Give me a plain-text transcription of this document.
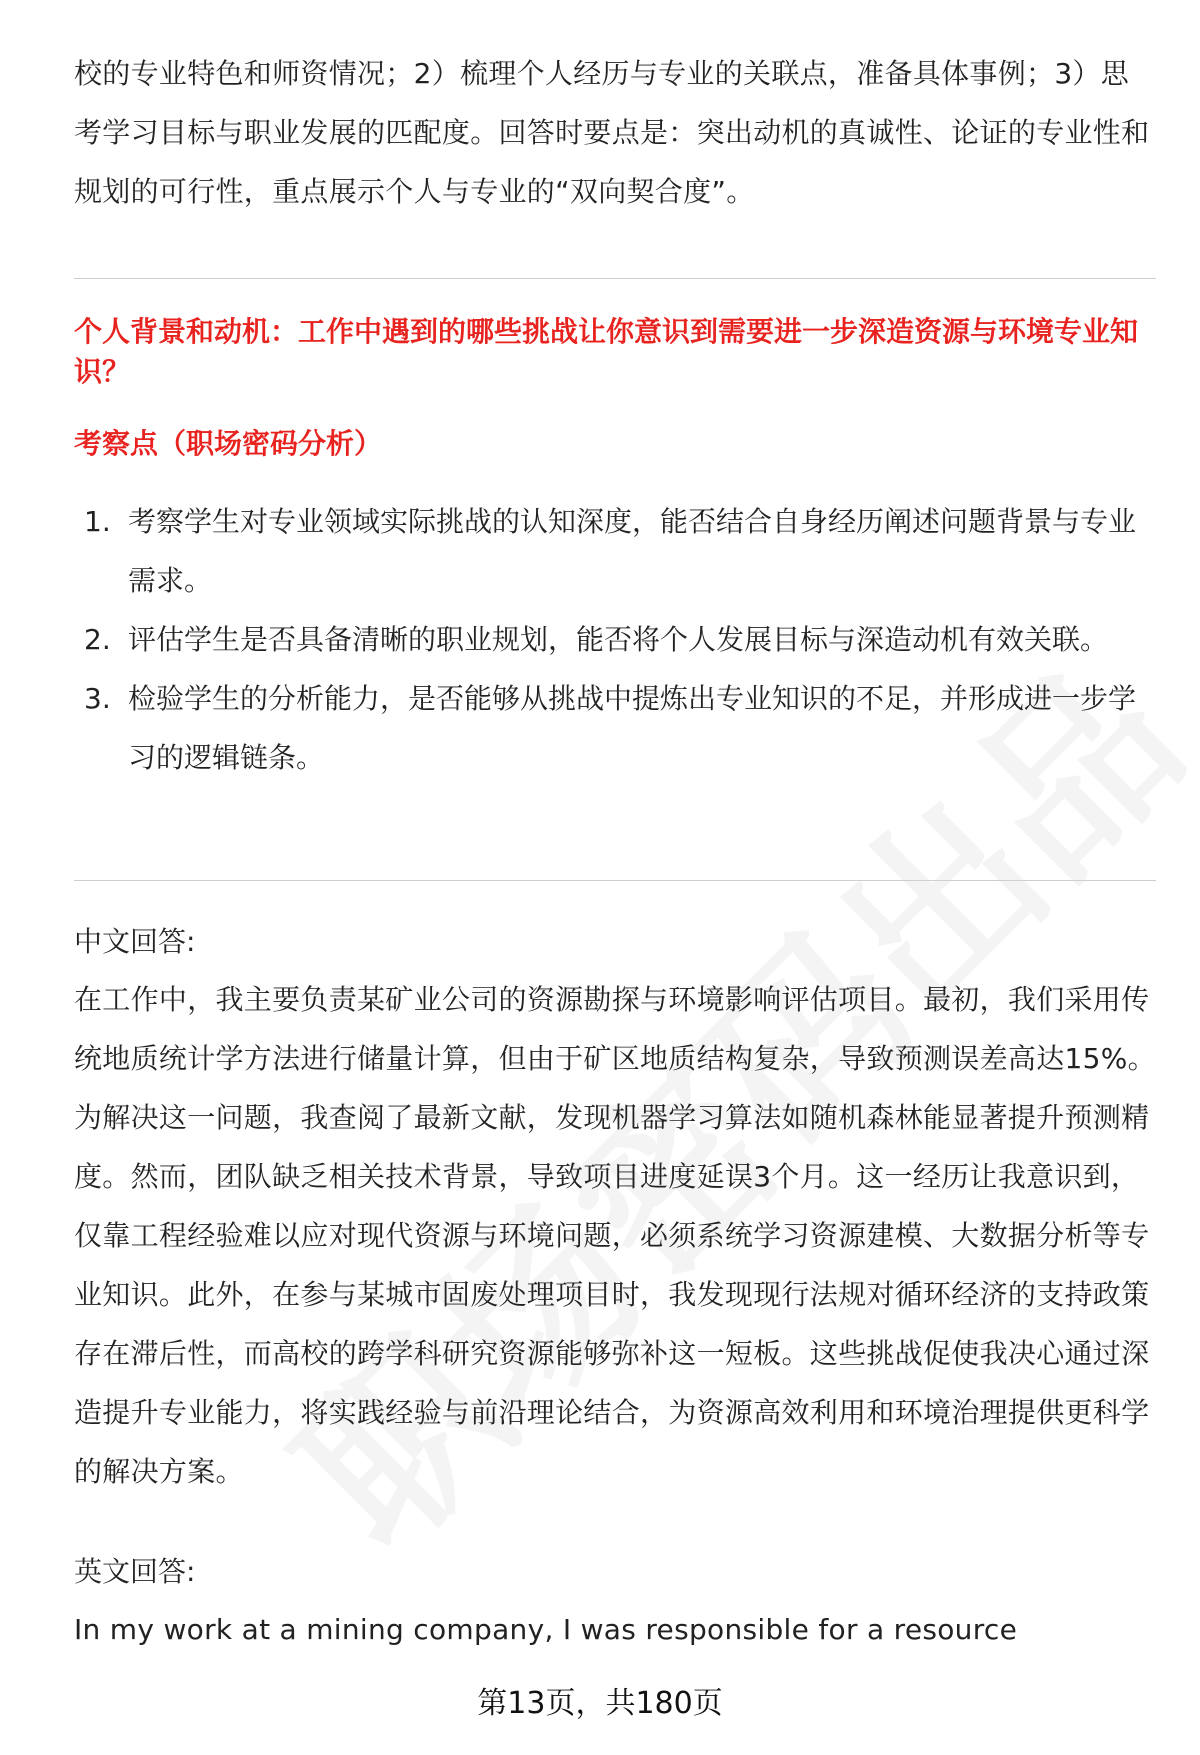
校的专业特色和师资情况；2）梳理个人经历与专业的关联点，准备具体事例；3）思考学习目标与职业发展的匹配度。回答时要点是：突出动机的真诚性、论证的专业性和规划的可行性，重点展示个人与专业的“双向契合度”。

个人背景和动机：工作中遇到的哪些挑战让你意识到需要进一步深造资源与环境专业知识？

考察点（职场密码分析）

1. 考察学生对专业领域实际挑战的认知深度，能否结合自身经历阐述问题背景与专业需求。
2. 评估学生是否具备清晰的职业规划，能否将个人发展目标与深造动机有效关联。
3. 检验学生的分析能力，是否能够从挑战中提炼出专业知识的不足，并形成进一步学习的逻辑链条。

中文回答:

在工作中，我主要负责某矿业公司的资源勘探与环境影响评估项目。最初，我们采用传统地质统计学方法进行储量计算，但由于矿区地质结构复杂，导致预测误差高达15%。为解决这一问题，我查阅了最新文献，发现机器学习算法如随机森林能显著提升预测精度。然而，团队缺乏相关技术背景，导致项目进度延误3个月。这一经历让我意识到，仅靠工程经验难以应对现代资源与环境问题，必须系统学习资源建模、大数据分析等专业知识。此外，在参与某城市固废处理项目时，我发现现行法规对循环经济的支持政策存在滞后性，而高校的跨学科研究资源能够弥补这一短板。这些挑战促使我决心通过深造提升专业能力，将实践经验与前沿理论结合，为资源高效利用和环境治理提供更科学的解决方案。

英文回答:

In my work at a mining company, I was responsible for a resource

第13页，共180页
